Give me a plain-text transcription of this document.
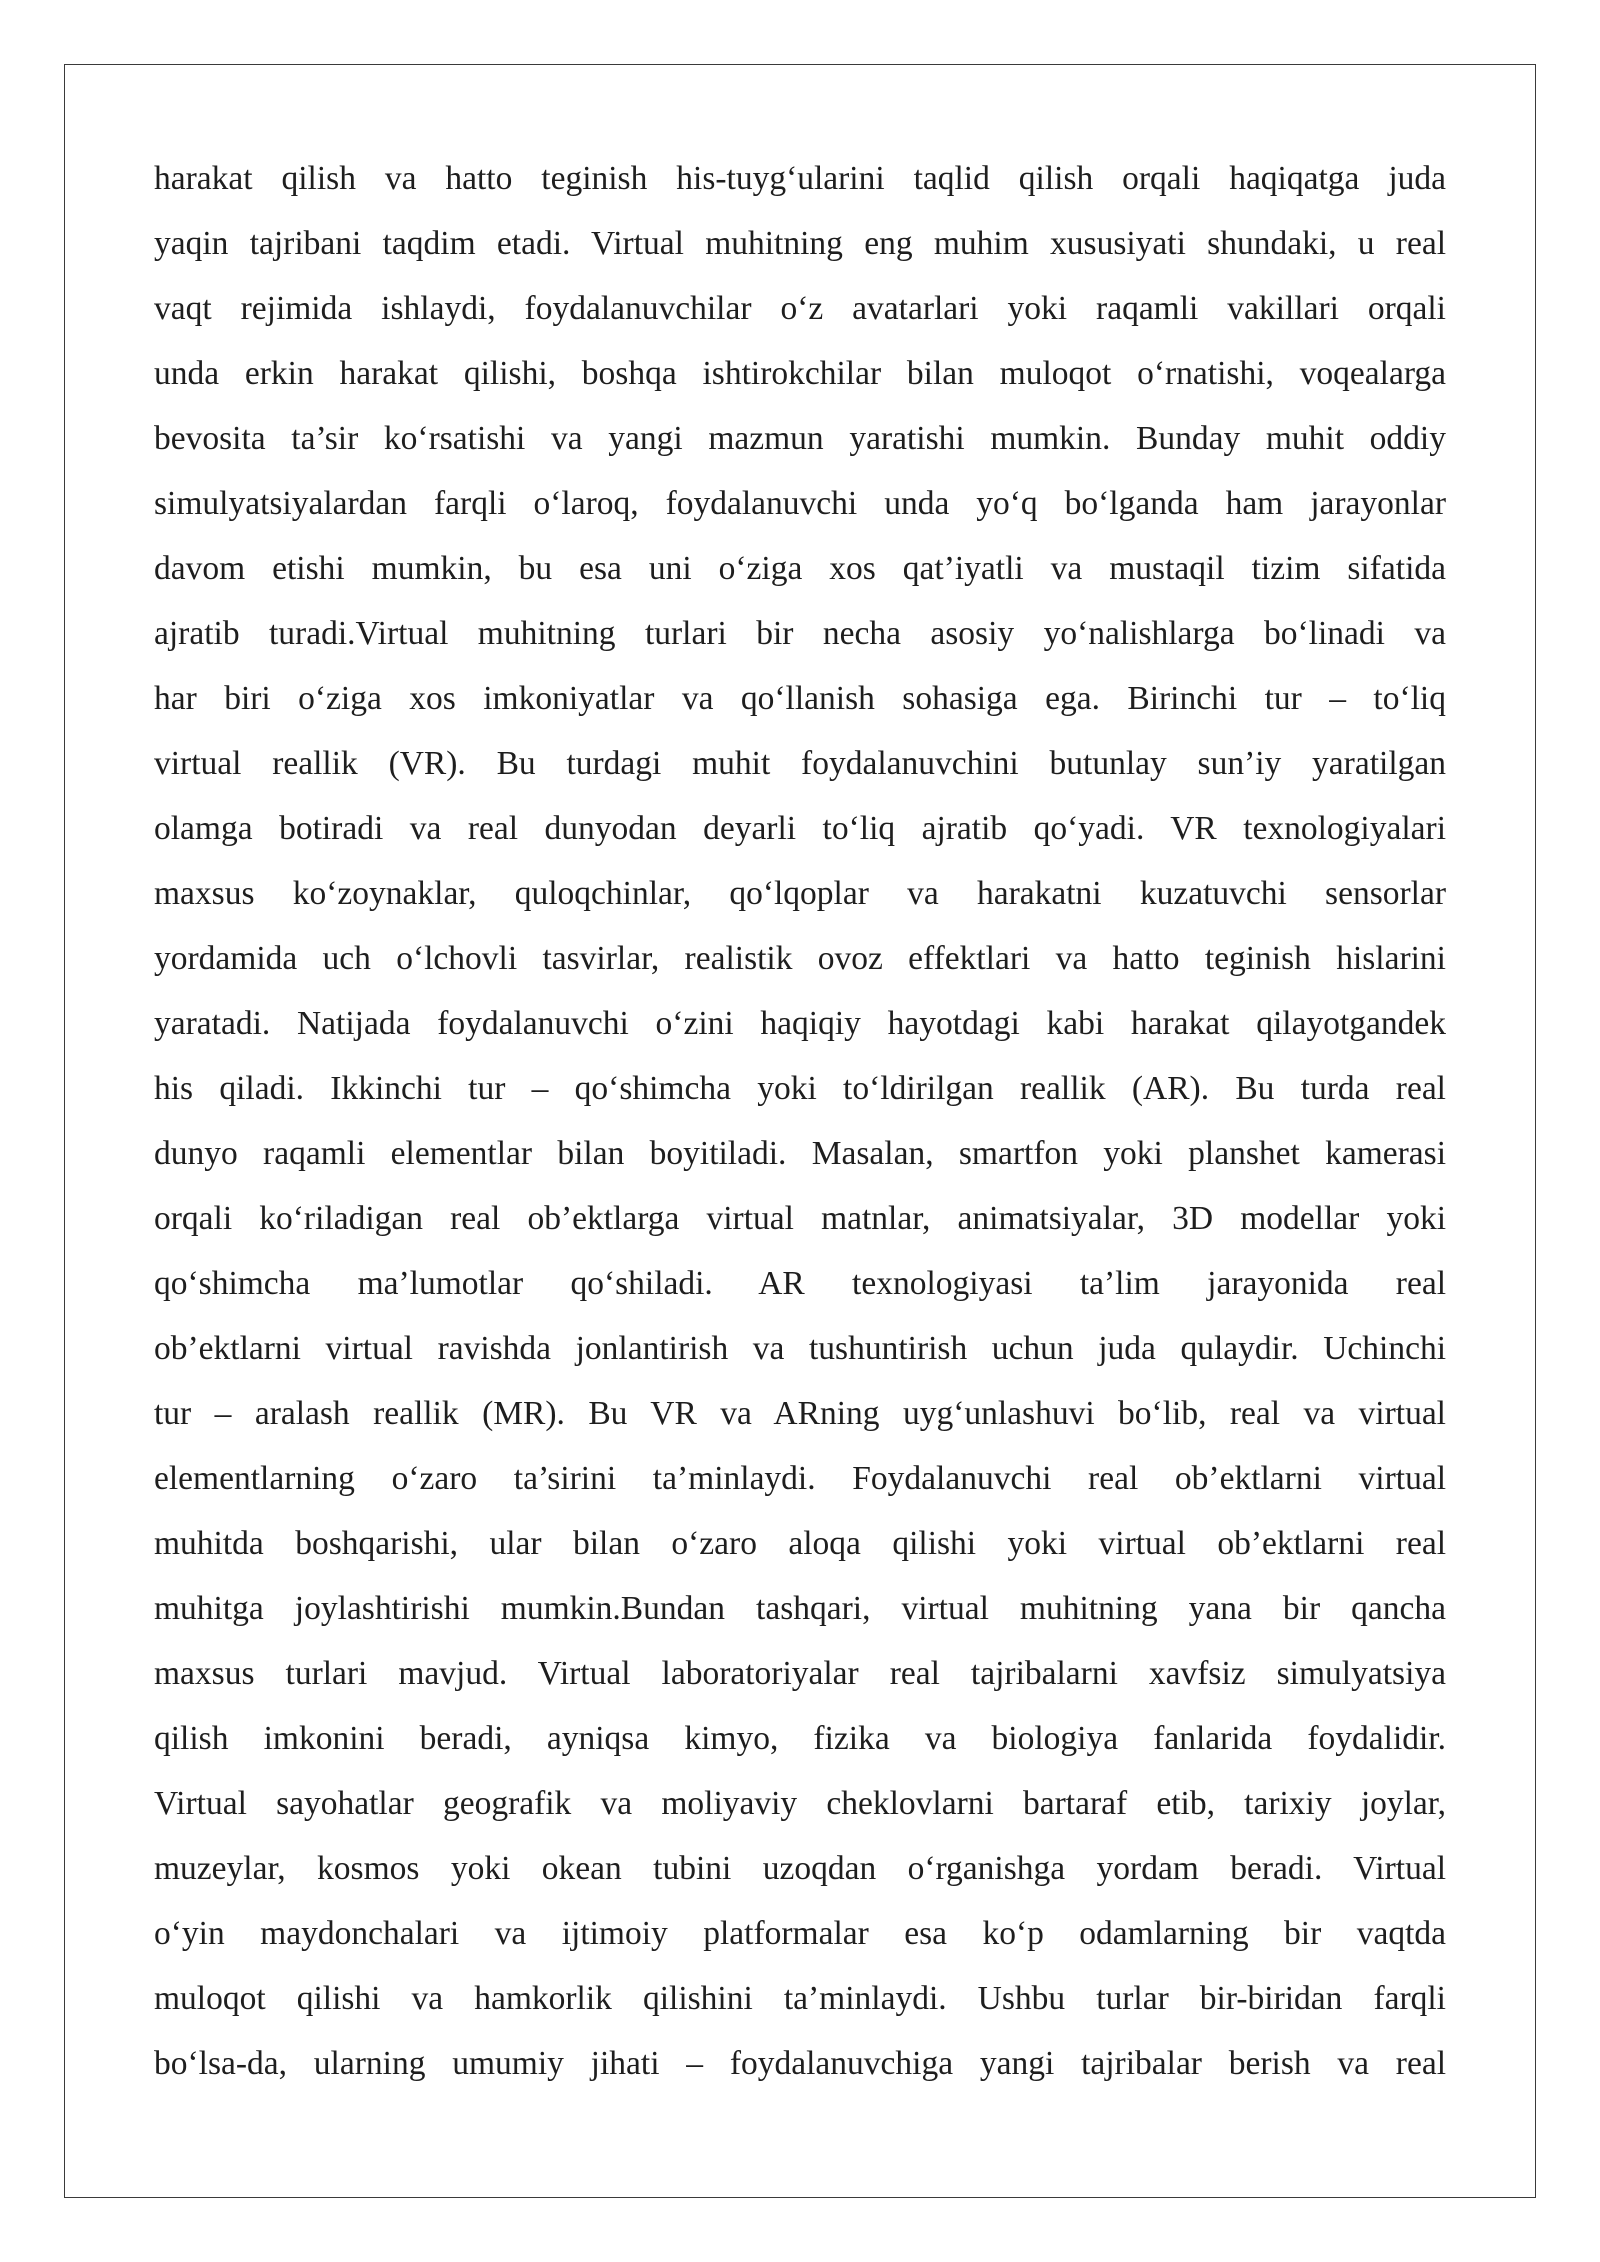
harakat qilish va hatto teginish his-tuyg‘ularini taqlid qilish orqali haqiqatga juda
yaqin tajribani taqdim etadi. Virtual muhitning eng muhim xususiyati shundaki, u real
vaqt rejimida ishlaydi, foydalanuvchilar o‘z avatarlari yoki raqamli vakillari orqali
unda erkin harakat qilishi, boshqa ishtirokchilar bilan muloqot o‘rnatishi, voqealarga
bevosita ta’sir ko‘rsatishi va yangi mazmun yaratishi mumkin. Bunday muhit oddiy
simulyatsiyalardan farqli o‘laroq, foydalanuvchi unda yo‘q bo‘lganda ham jarayonlar
davom etishi mumkin, bu esa uni o‘ziga xos qat’iyatli va mustaqil tizim sifatida
ajratib turadi.Virtual muhitning turlari bir necha asosiy yo‘nalishlarga bo‘linadi va
har biri o‘ziga xos imkoniyatlar va qo‘llanish sohasiga ega. Birinchi tur – to‘liq
virtual reallik (VR). Bu turdagi muhit foydalanuvchini butunlay sun’iy yaratilgan
olamga botiradi va real dunyodan deyarli to‘liq ajratib qo‘yadi. VR texnologiyalari
maxsus ko‘zoynaklar, quloqchinlar, qo‘lqoplar va harakatni kuzatuvchi sensorlar
yordamida uch o‘lchovli tasvirlar, realistik ovoz effektlari va hatto teginish hislarini
yaratadi. Natijada foydalanuvchi o‘zini haqiqiy hayotdagi kabi harakat qilayotgandek
his qiladi. Ikkinchi tur – qo‘shimcha yoki to‘ldirilgan reallik (AR). Bu turda real
dunyo raqamli elementlar bilan boyitiladi. Masalan, smartfon yoki planshet kamerasi
orqali ko‘riladigan real ob’ektlarga virtual matnlar, animatsiyalar, 3D modellar yoki
qo‘shimcha ma’lumotlar qo‘shiladi. AR texnologiyasi ta’lim jarayonida real
ob’ektlarni virtual ravishda jonlantirish va tushuntirish uchun juda qulaydir. Uchinchi
tur – aralash reallik (MR). Bu VR va ARning uyg‘unlashuvi bo‘lib, real va virtual
elementlarning o‘zaro ta’sirini ta’minlaydi. Foydalanuvchi real ob’ektlarni virtual
muhitda boshqarishi, ular bilan o‘zaro aloqa qilishi yoki virtual ob’ektlarni real
muhitga joylashtirishi mumkin.Bundan tashqari, virtual muhitning yana bir qancha
maxsus turlari mavjud. Virtual laboratoriyalar real tajribalarni xavfsiz simulyatsiya
qilish imkonini beradi, ayniqsa kimyo, fizika va biologiya fanlarida foydalidir.
Virtual sayohatlar geografik va moliyaviy cheklovlarni bartaraf etib, tarixiy joylar,
muzeylar, kosmos yoki okean tubini uzoqdan o‘rganishga yordam beradi. Virtual
o‘yin maydonchalari va ijtimoiy platformalar esa ko‘p odamlarning bir vaqtda
muloqot qilishi va hamkorlik qilishini ta’minlaydi. Ushbu turlar bir-biridan farqli
bo‘lsa-da, ularning umumiy jihati – foydalanuvchiga yangi tajribalar berish va real
